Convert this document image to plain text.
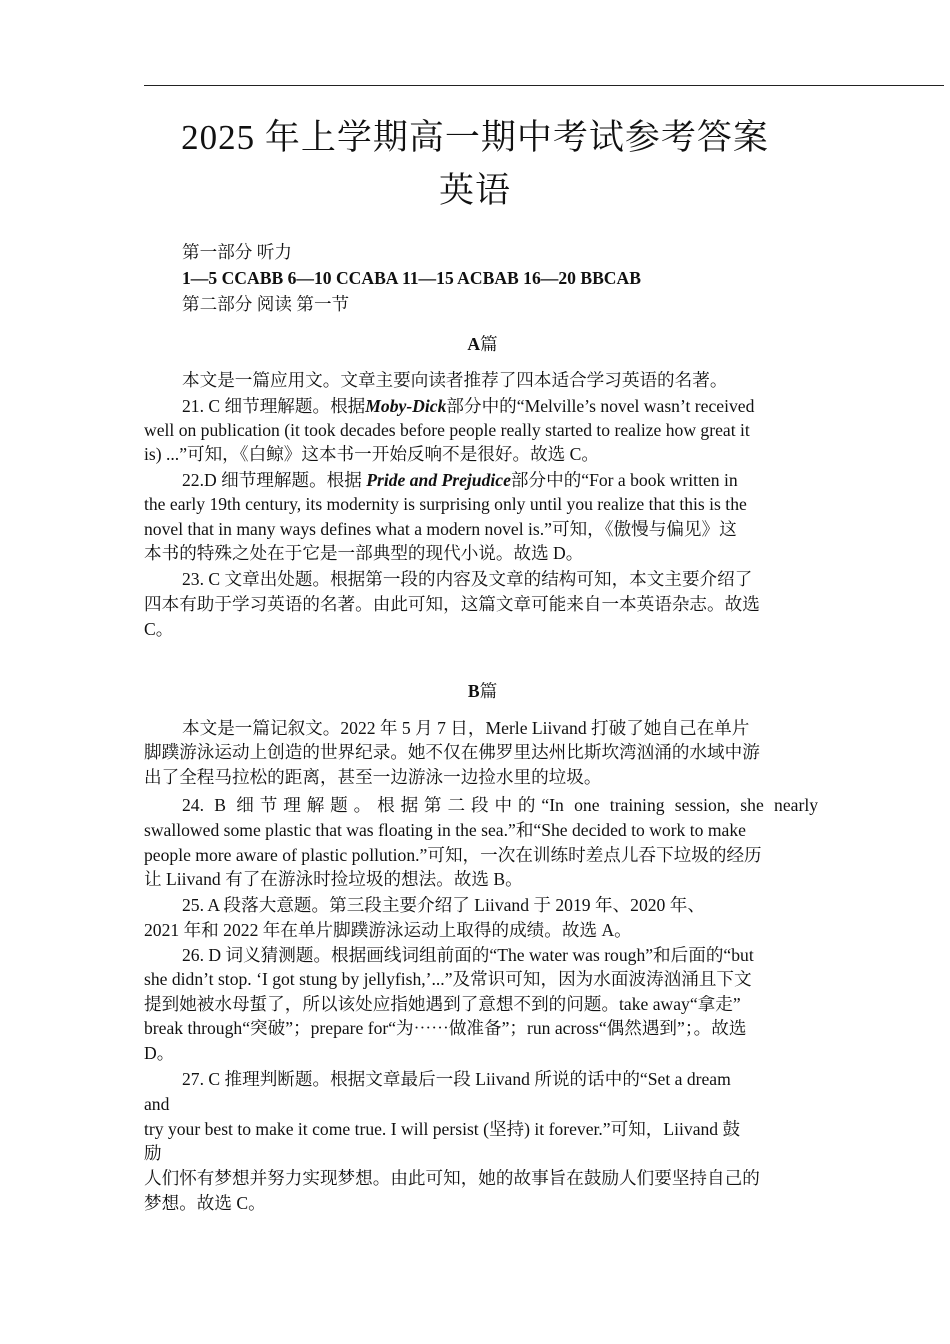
2025 年上学期高一期中考试参考答案
英语
第一部分 听力
1—5 CCABB 6—10 CCABA 11—15 ACBAB 16—20 BBCAB
第二部分 阅读 第一节
A篇
本文是一篇应用文。文章主要向读者推荐了四本适合学习英语的名著。
21. C 细节理解题。根据Moby-Dick部分中的“Melville’s novel wasn’t received
well on publication (it took decades before people really started to realize how great it
is) ...”可知，《白鲸》这本书一开始反响不是很好。故选 C。
22.D 细节理解题。根据 Pride and Prejudice部分中的“For a book written in
the early 19th century, its modernity is surprising only until you realize that this is the
novel that in many ways defines what a modern novel is.”可知，《傲慢与偏见》这
本书的特殊之处在于它是一部典型的现代小说。故选 D。
23. C 文章出处题。根据第一段的内容及文章的结构可知，本文主要介绍了
四本有助于学习英语的名著。由此可知，这篇文章可能来自一本英语杂志。故选
C。
B篇
本文是一篇记叙文。2022 年 5 月 7 日，Merle Liivand 打破了她自己在单片
脚蹼游泳运动上创造的世界纪录。她不仅在佛罗里达州比斯坎湾汹涌的水域中游
出了全程马拉松的距离，甚至一边游泳一边捡水里的垃圾。
24. B 细节理解题。根据第二段中的“In one training session, she nearly
swallowed some plastic that was floating in the sea.”和“She decided to work to make
people more aware of plastic pollution.”可知，一次在训练时差点儿吞下垃圾的经历
让 Liivand 有了在游泳时捡垃圾的想法。故选 B。
25. A 段落大意题。第三段主要介绍了 Liivand 于 2019 年、2020 年、
2021 年和 2022 年在单片脚蹼游泳运动上取得的成绩。故选 A。
26. D 词义猜测题。根据画线词组前面的“The water was rough”和后面的“but
she didn’t stop. ‘I got stung by jellyfish,’...”及常识可知，因为水面波涛汹涌且下文
提到她被水母蜇了，所以该处应指她遇到了意想不到的问题。take away“拿走”
break through“突破”；prepare for“为⋯⋯做准备”；run across“偶然遇到”；。故选
D。
27. C 推理判断题。根据文章最后一段 Liivand 所说的话中的“Set a dream
and
try your best to make it come true. I will persist (坚持) it forever.”可知，Liivand 鼓
励
人们怀有梦想并努力实现梦想。由此可知，她的故事旨在鼓励人们要坚持自己的
梦想。故选 C。
